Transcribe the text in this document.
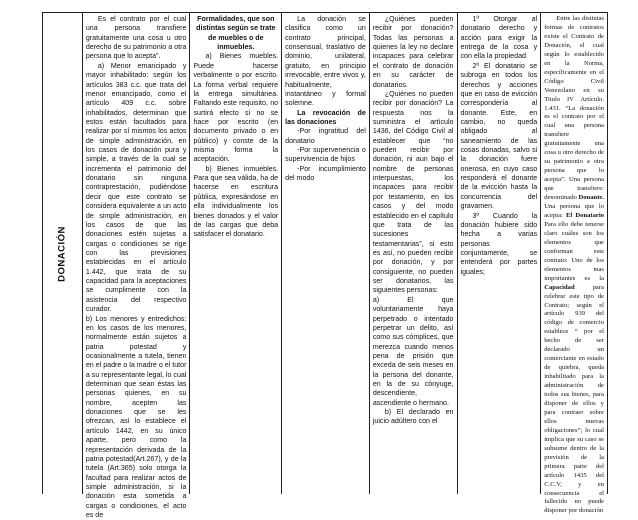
DONACIÓN

Es el contrato por el cual una persona transfiere gratuitamente una cosa u otro derecho de su patrimonio a otra persona que lo acepta”.

a) Menor emancipado y mayor inhabilitado: según los artículos 383 c.c. que trata del menor emancipado, como el artículo 409 c.c. sobre inhabilitados, determinan que estos están facultados para realizar por sí mismos los actos de simple administración, en los casos de donación pura y simple, a través de la cual se incrementa el patrimonio del donatario sin ninguna contraprestación, pudiéndose decir que este contrato se considera equivalente a un acto de simple administración, en los casos de que las donaciones estén sujetas a cargas o condiciones se rige con las previsiones establecidas en el artículo 1.442, que trata de su capacidad para la aceptaciones se cumplimente con la asistencia del respectivo curador.

b) Los menores y entredichos: en los casos de los menores, normalmente están sujetos a patria potestad y ocasionalmente a tutela, tienen en el padre o la madre o el tutor a su representante legal, lo cual determinan que sean éstas las personas quienes, en su nombre, acepten las donaciones que se les ofrezcan, así lo establece el artículo 1442, en su único aparte, pero como la representación derivada de la patria potestad(Art.267), y de la tutela (Art.365) solo otorga la facultad para realizar actos de simple administración, si la donación esta sometida a cargas o condiciones, el acto es de

Formalidades, que son distintas según se trate de muebles o de inmuebles.

a) Bienes muebles. Puede hacerse verbalmente o por escrito. La forma verbal requiere la entrega simultánea. Faltando este requisito, no surtirá efecto si no se hace por escrito (en documento privado o en público) y conste de la misma forma la aceptación.

b) Bienes inmuebles. Para que sea válida, ha de hacerse en escritura pública, expresándose en ella individualmente los bienes donados y el valor de las cargas que deba satisfacer el donatario.

La donación se clasifica como un contrato principal, consensual, traslativo de dominio, unilateral, gratuito, en principio irrevocable, entre vivos y, habitualmente, instantáneo y formal solemne.

La revocación de las donaciones

-Por ingratitud del donatario

-Por supervenencia o supervivencia de hijos

-Por incumplimiento del modo

¿Quiénes pueden recibir por donación? Todas las personas a quienes la ley no declare incapaces para celebrar el contrato de donación en su carácter de donatarios.

¿Quiénes no pueden recibir por donación? La respuesta nos la suministra el artículo 1436, del Código Civil al establecer que “no pueden recibir por donación, ni aun bajo el nombre de personas interpuestas, los incapaces para recibir por testamento, en los casos y del modo establecido en el capítulo que trata de las sucesiones testamentarias”, si esto es así, no pueden recibir por donación, y por consiguiente, no pueden ser donatarios, las siguientes personas:

a) El que voluntariamente haya perpetrado o intentado perpetrar un delito, así como sus cómplices, que merezca cuando menos pena de prisión que exceda de seis meses en la persona del donante, en la de su cónyuge, descendiente, ascendiente o hermano.

b) El declarado en juicio adúltero con el

1º Otorgar al donatario derecho y acción para exigir la entrega de la cosa y con ella la propiedad

2º El donatario se subroga en todos los derechos y acciones que en caso de evicción correspondería al donante. Este, en cambio, no queda obligado al saneamiento de las cosas donadas, salvo si la donación fuere onerosa, en cuyo caso responderá el donante de la evicción hasta la concurrencia del gravamen.

3º Cuando la donación hubiere sido hecha a varias personas conjuntamente, se entenderá por partes iguales;

Entre las distintas formas de contratos existe el Contrato de Donación, el cual según lo establecido en la Norma, específicamente en el Código Civil Venezolano en su Titulo IV Artículo. 1.431. “La donación es el contrato por el cual una persona transfiere gratuitamente una cosa u otro derecho de su patrimonio a otra persona que lo acepta”. Una persona que transfiere: denominado Donante. Una persona que lo acepta: El Donatario Para ello debe tenerse claro cuáles son los elementos que conforman este contrato: Uno de los elementos mas importantes es la Capacidad	para celebrar este tipo de Contrato; según el artículo 939 del código de comercio establece “ por el hecho de ser declarado un comerciante en estado de quiebra, queda inhabilitado para la administración de todos sus bienes, para disponer de ellos y para contraer sobre ellos nuevas obligaciones”; lo cual implica que su caso se subsume dentro de la previsión de la primera parte del artículo 1435 del C.C.V, y en consecuencia el fallecido no puede disponer por donación
